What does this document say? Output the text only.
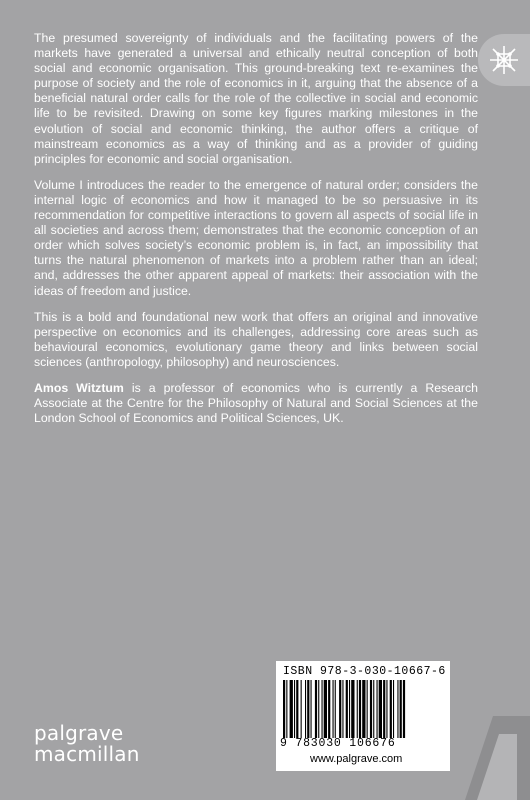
The presumed sovereignty of individuals and the facilitating powers of the markets have generated a universal and ethically neutral conception of both social and economic organisation. This ground-breaking text re-examines the purpose of society and the role of economics in it, arguing that the absence of a beneficial natural order calls for the role of the collective in social and economic life to be revisited. Drawing on some key figures marking milestones in the evolution of social and economic thinking, the author offers a critique of mainstream economics as a way of thinking and as a provider of guiding principles for economic and social organisation.

Volume I introduces the reader to the emergence of natural order; considers the internal logic of economics and how it managed to be so persuasive in its recommendation for competitive interactions to govern all aspects of social life in all societies and across them; demonstrates that the economic conception of an order which solves society’s economic problem is, in fact, an impossibility that turns the natural phenomenon of markets into a problem rather than an ideal; and, addresses the other apparent appeal of markets: their association with the ideas of freedom and justice.

This is a bold and foundational new work that offers an original and innovative perspective on economics and its challenges, addressing core areas such as behavioural economics, evolutionary game theory and links between social sciences (anthropology, philosophy) and neurosciences.

Amos Witztum is a professor of economics who is currently a Research Associate at the Centre for the Philosophy of Natural and Social Sciences at the London School of Economics and Political Sciences, UK.

ISBN 978-3-030-10667-6
9 783030 106676
www.palgrave.com
palgrave
macmillan
